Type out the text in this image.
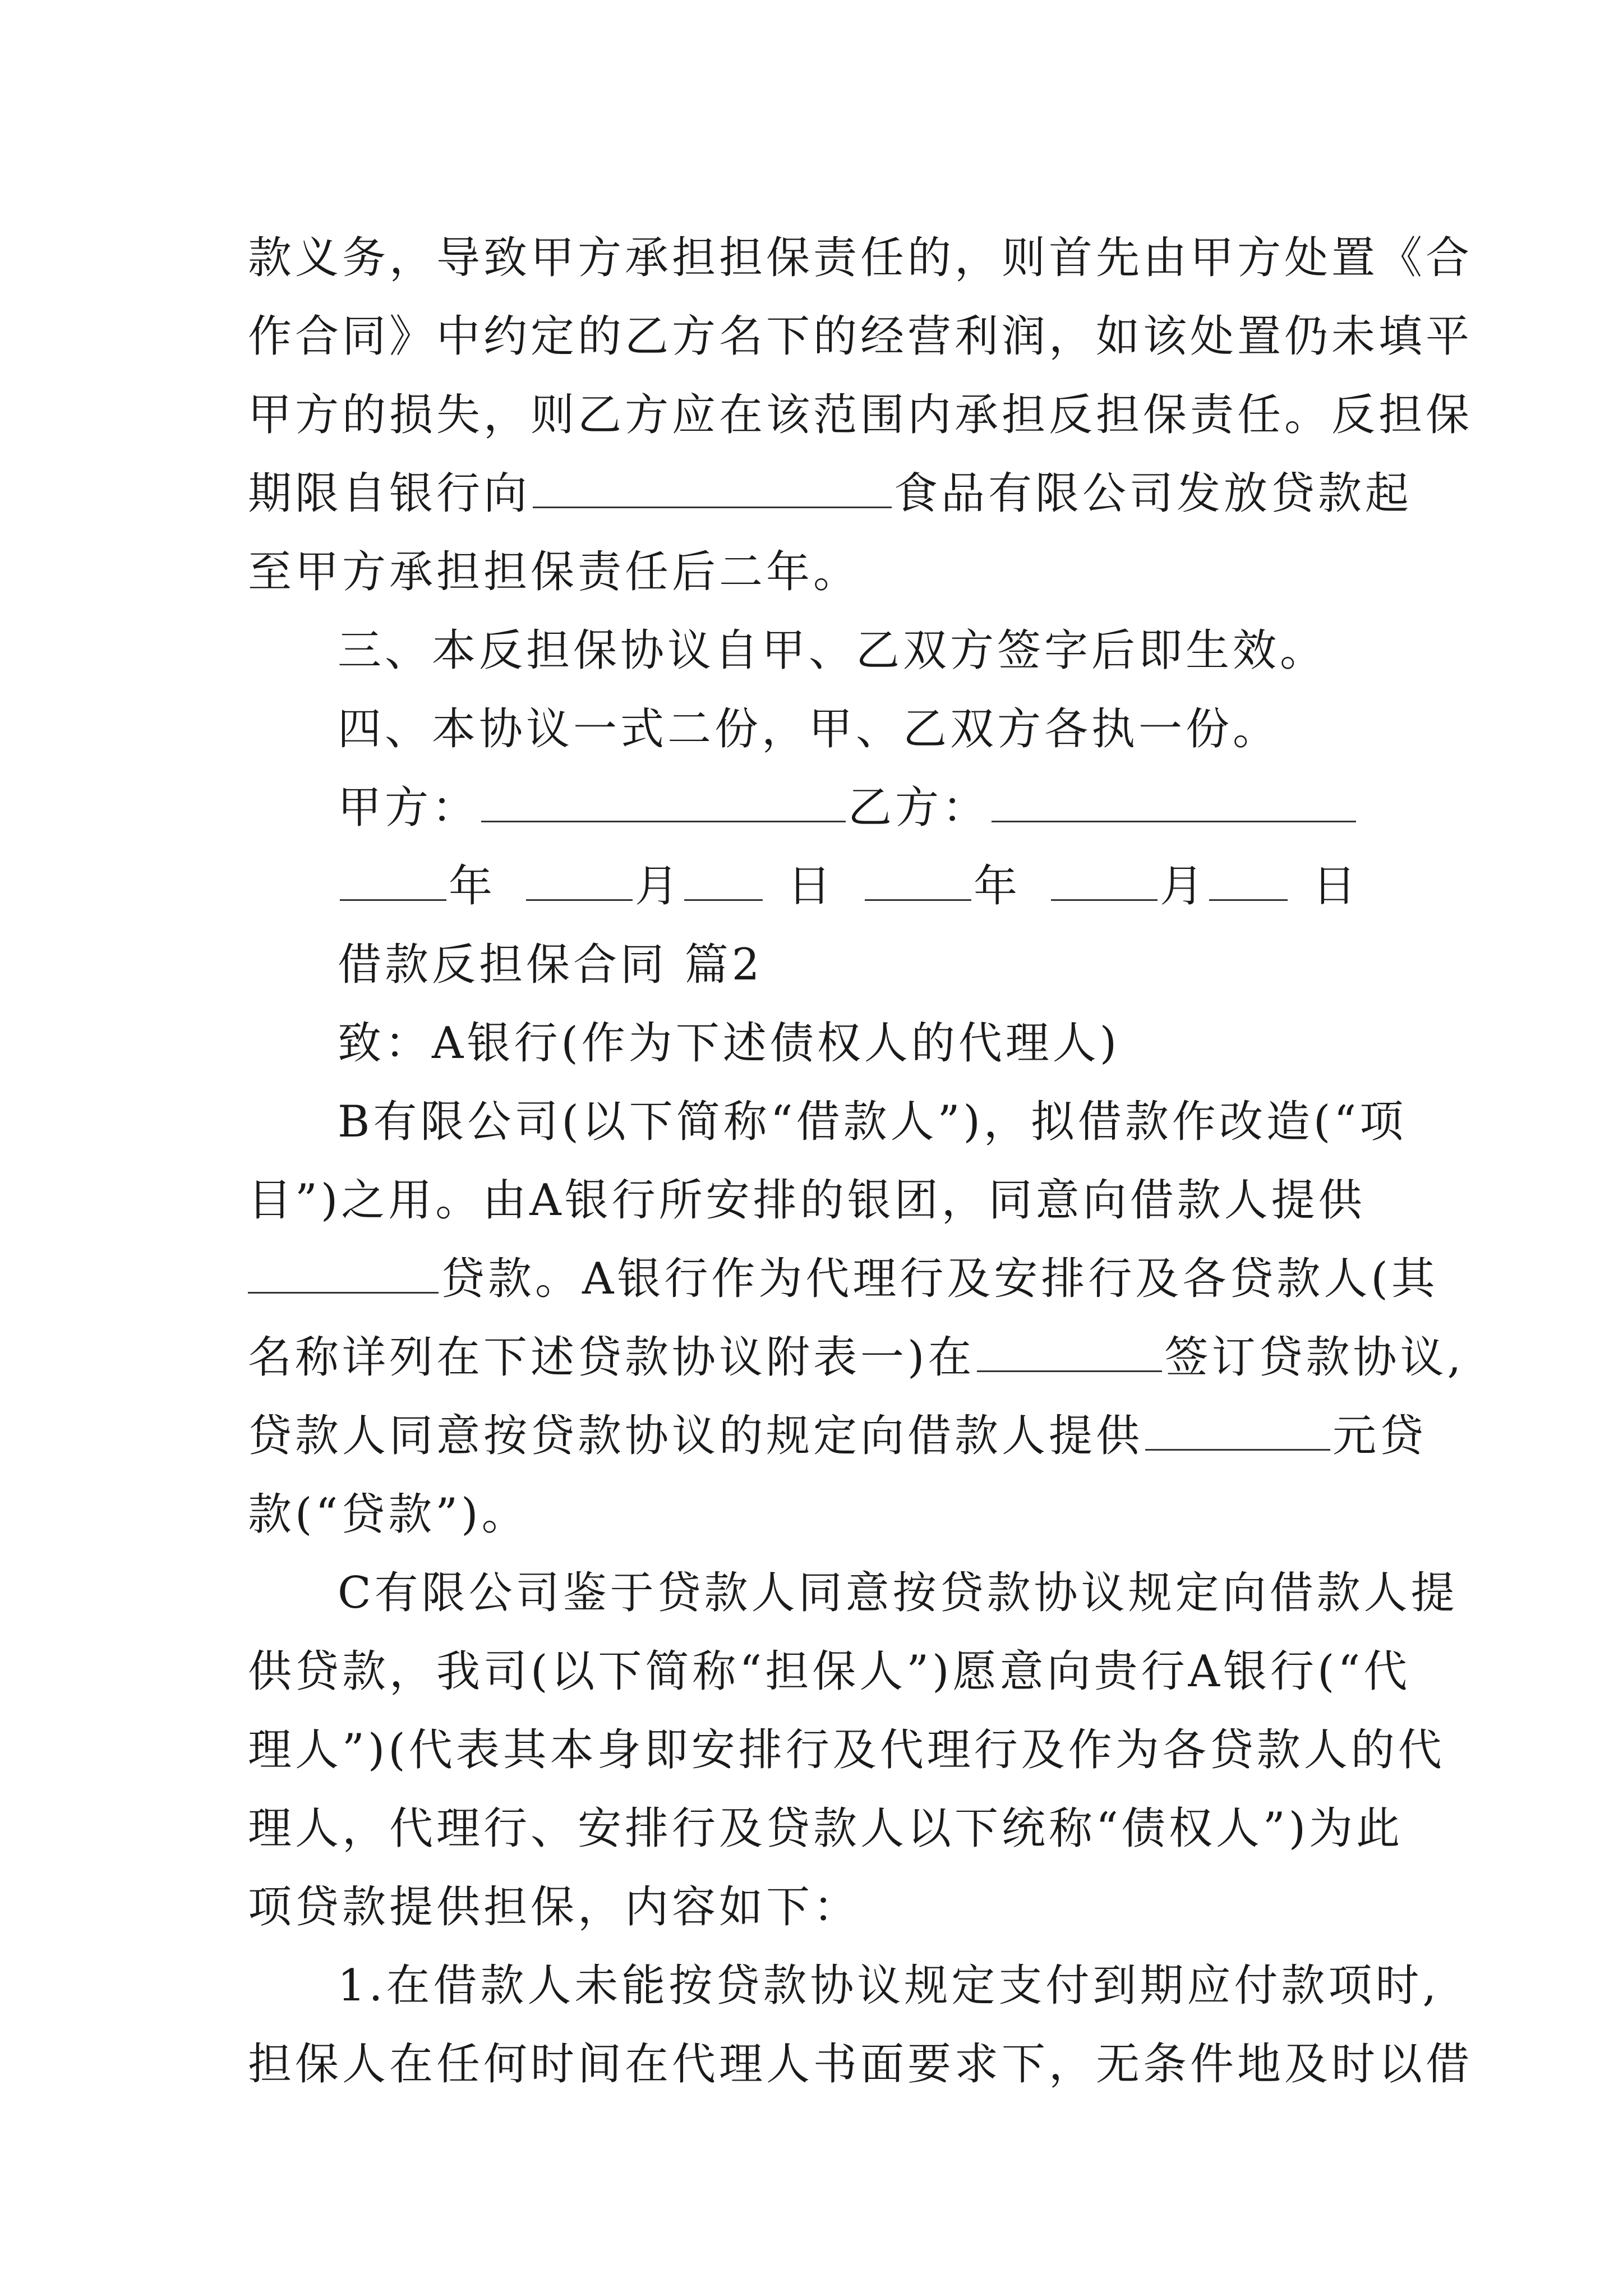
款义务，导致甲方承担担保责任的，则首先由甲方处置《合
作合同》中约定的乙方名下的经营利润，如该处置仍未填平
甲方的损失，则乙方应在该范围内承担反担保责任。反担保
期限自银行向	食品有限公司发放贷款起
至甲方承担担保责任后二年。
三、本反担保协议自甲、乙双方签字后即生效。
四、本协议一式二份，甲、乙双方各执一份。
甲方：	乙方：
年	月 日	年	月 日
借款反担保合同 篇2
致：A银行(作为下述债权人的代理人)
B有限公司(以下简称“借款人”)，拟借款作改造(“项
目”)之用。由A银行所安排的银团，同意向借款人提供
贷款。A银行作为代理行及安排行及各贷款人(其
名称详列在下述贷款协议附表一)在	签订贷款协议,
贷款人同意按贷款协议的规定向借款人提供	元贷
款(“贷款”)。
C有限公司鉴于贷款人同意按贷款协议规定向借款人提
供贷款，我司(以下简称“担保人”)愿意向贵行A银行(“代
理人”)(代表其本身即安排行及代理行及作为各贷款人的代
理人，代理行、安排行及贷款人以下统称“债权人”)为此
项贷款提供担保，内容如下：
1.在借款人未能按贷款协议规定支付到期应付款项时,
担保人在任何时间在代理人书面要求下，无条件地及时以借
